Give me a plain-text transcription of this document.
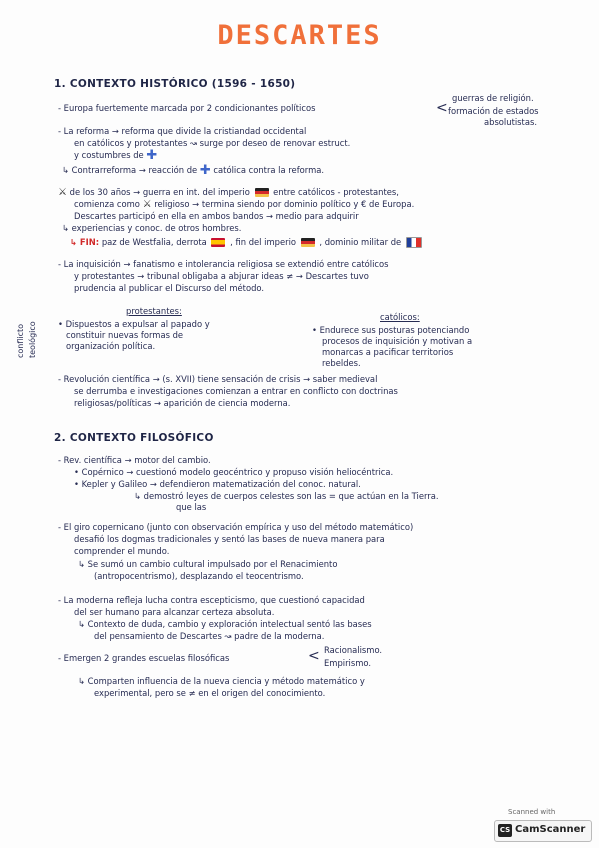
DESCARTES
1. CONTEXTO HISTÓRICO (1596 - 1650)
- Europa fuertemente marcada por 2 condicionantes políticos	<
guerras de religión.
formación de estados
absolutistas.
- La reforma → reforma que divide la cristiandad occidental
en católicos y protestantes ↝ surge por deseo de renovar estruct.
y costumbres de ✚
↳ Contrarreforma → reacción de ✚ católica contra la reforma.
⚔ de los 30 años → guerra en int. del imperio	entre católicos - protestantes,
comienza como ⚔ religioso → termina siendo por dominio político y € de Europa.
Descartes participó en ella en ambos bandos → medio para adquirir
↳ experiencias y conoc. de otros hombres.
↳ FIN: paz de Westfalia, derrota	, fin del imperio	, dominio militar de
- La inquisición → fanatismo e intolerancia religiosa se extendió entre católicos
y protestantes → tribunal obligaba a abjurar ideas ≠ → Descartes tuvo
prudencia al publicar el Discurso del método.
conflicto teológico
protestantes:
• Dispuestos a expulsar al papado y
constituir nuevas formas de
organización política.
católicos:
• Endurece sus posturas potenciando
procesos de inquisición y motivan a
monarcas a pacificar territorios
rebeldes.
- Revolución científica → (s. XVII) tiene sensación de crisis → saber medieval
se derrumba e investigaciones comienzan a entrar en conflicto con doctrinas
religiosas/políticas → aparición de ciencia moderna.
2. CONTEXTO FILOSÓFICO
- Rev. científica → motor del cambio.
• Copérnico → cuestionó modelo geocéntrico y propuso visión heliocéntrica.
• Kepler y Galileo → defendieron matematización del conoc. natural.
↳ demostró leyes de cuerpos celestes son las = que actúan en la Tierra.
que las
- El giro copernicano (junto con observación empírica y uso del método matemático)
desafió los dogmas tradicionales y sentó las bases de nueva manera para
comprender el mundo.
↳ Se sumó un cambio cultural impulsado por el Renacimiento
(antropocentrismo), desplazando el teocentrismo.
- La moderna refleja lucha contra escepticismo, que cuestionó capacidad
del ser humano para alcanzar certeza absoluta.
↳ Contexto de duda, cambio y exploración intelectual sentó las bases
del pensamiento de Descartes ↝ padre de la moderna.
- Emergen 2 grandes escuelas filosóficas	< Racionalismo.
Empirismo.
↳ Comparten influencia de la nueva ciencia y método matemático y
experimental, pero se ≠ en el origen del conocimiento.
Scanned with
CS CamScanner
